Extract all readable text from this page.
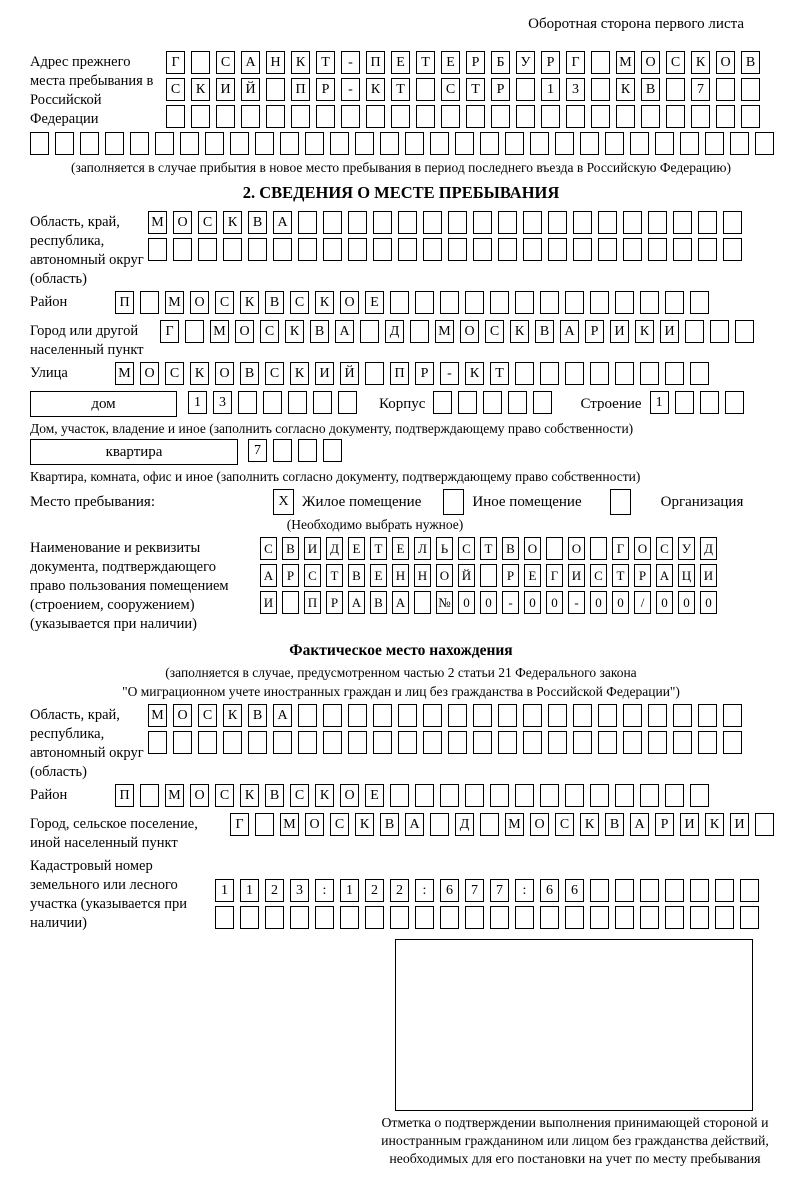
Оборотная сторона первого листа
Адрес прежнего места пребывания в Российской Федерации
Г	С	А	Н	К	Т	-	П	Е	Т	Е	Р	Б	У	Р	Г	М О	С	К	О	В
С	К	И	Й	П	Р	-	К	Т	С	Т	Р	1	3	К	В	7
(заполняется в случае прибытия в новое место пребывания в период последнего въезда в Российскую Федерацию)
2. СВЕДЕНИЯ О МЕСТЕ ПРЕБЫВАНИЯ
Область, край, республика, автономный округ (область)
М О	С	К	В	А
Район	П	М О	С	К	В	С	К	О	Е
Город или другой населенный пункт
Г	М О	С	К	В	А	Д	М О	С	К	В	А	Р	И	К	И
Улица	М О	С	К	О	В	С	К	И	Й	П	Р	-	К	Т
дом	1	3	Корпус	Строение	1
Дом, участок, владение и иное (заполнить согласно документу, подтверждающему право собственности)
квартира	7
Квартира, комната, офис и иное (заполнить согласно документу, подтверждающему право собственности)
Место пребывания:	X Жилое помещение	Иное помещение	Организация
(Необходимо выбрать нужное)
Наименование и реквизиты документа, подтверждающего право пользования помещением (строением, сооружением) (указывается при наличии)
С	В И Д	Е	Т	Е	Л	Ь	С	Т	В О	О	Г	О С	У Д
А	Р	С	Т	В	Е	Н Н О Й	Р	Е	Г	И С	Т	Р	А Ц И
И	П	Р	А В А	№ 0	0	-	0	0	-	0	0	/	0	0	0
Фактическое место нахождения
(заполняется в случае, предусмотренном частью 2 статьи 21 Федерального закона
"О миграционном учете иностранных граждан и лиц без гражданства в Российской Федерации")
Область, край, республика, автономный округ (область)
М О	С	К	В	А
Район	П	М О	С	К	В	С	К	О	Е
Город, сельское поселение, иной населенный пункт
Г	М О	С	К	В	А	Д	М О	С	К	В	А	Р	И	К	И
Кадастровый номер земельного или лесного участка (указывается при наличии)
1	1	2	3	:	1	2	2	:	6	7	7	:	6	6
Отметка о подтверждении выполнения принимающей стороной и иностранным гражданином или лицом без гражданства действий, необходимых для его постановки на учет по месту пребывания
